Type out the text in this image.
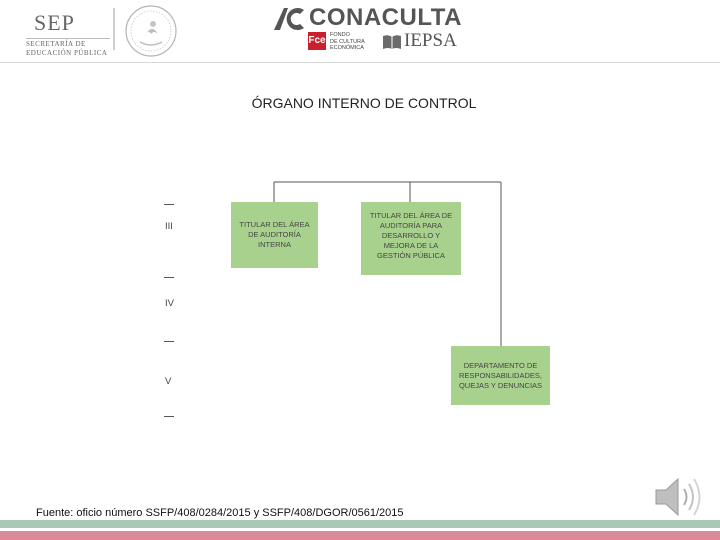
SEP
SECRETARÍA DE
EDUCACIÓN PÚBLICA
CONACULTA
Fce FONDO
DE CULTURA
ECONÓMICA IEPSA
ÓRGANO INTERNO DE CONTROL
III
IV
V
TITULAR DEL ÁREA
DE AUDITORÍA
INTERNA
TITULAR DEL ÁREA DE
AUDITORÍA PARA
DESARROLLO Y
MEJORA DE LA
GESTIÓN PÚBLICA
DEPARTAMENTO DE
RESPONSABILIDADES,
QUEJAS Y DENUNCIAS
Fuente: oficio número SSFP/408/0284/2015 y SSFP/408/DGOR/0561/2015
